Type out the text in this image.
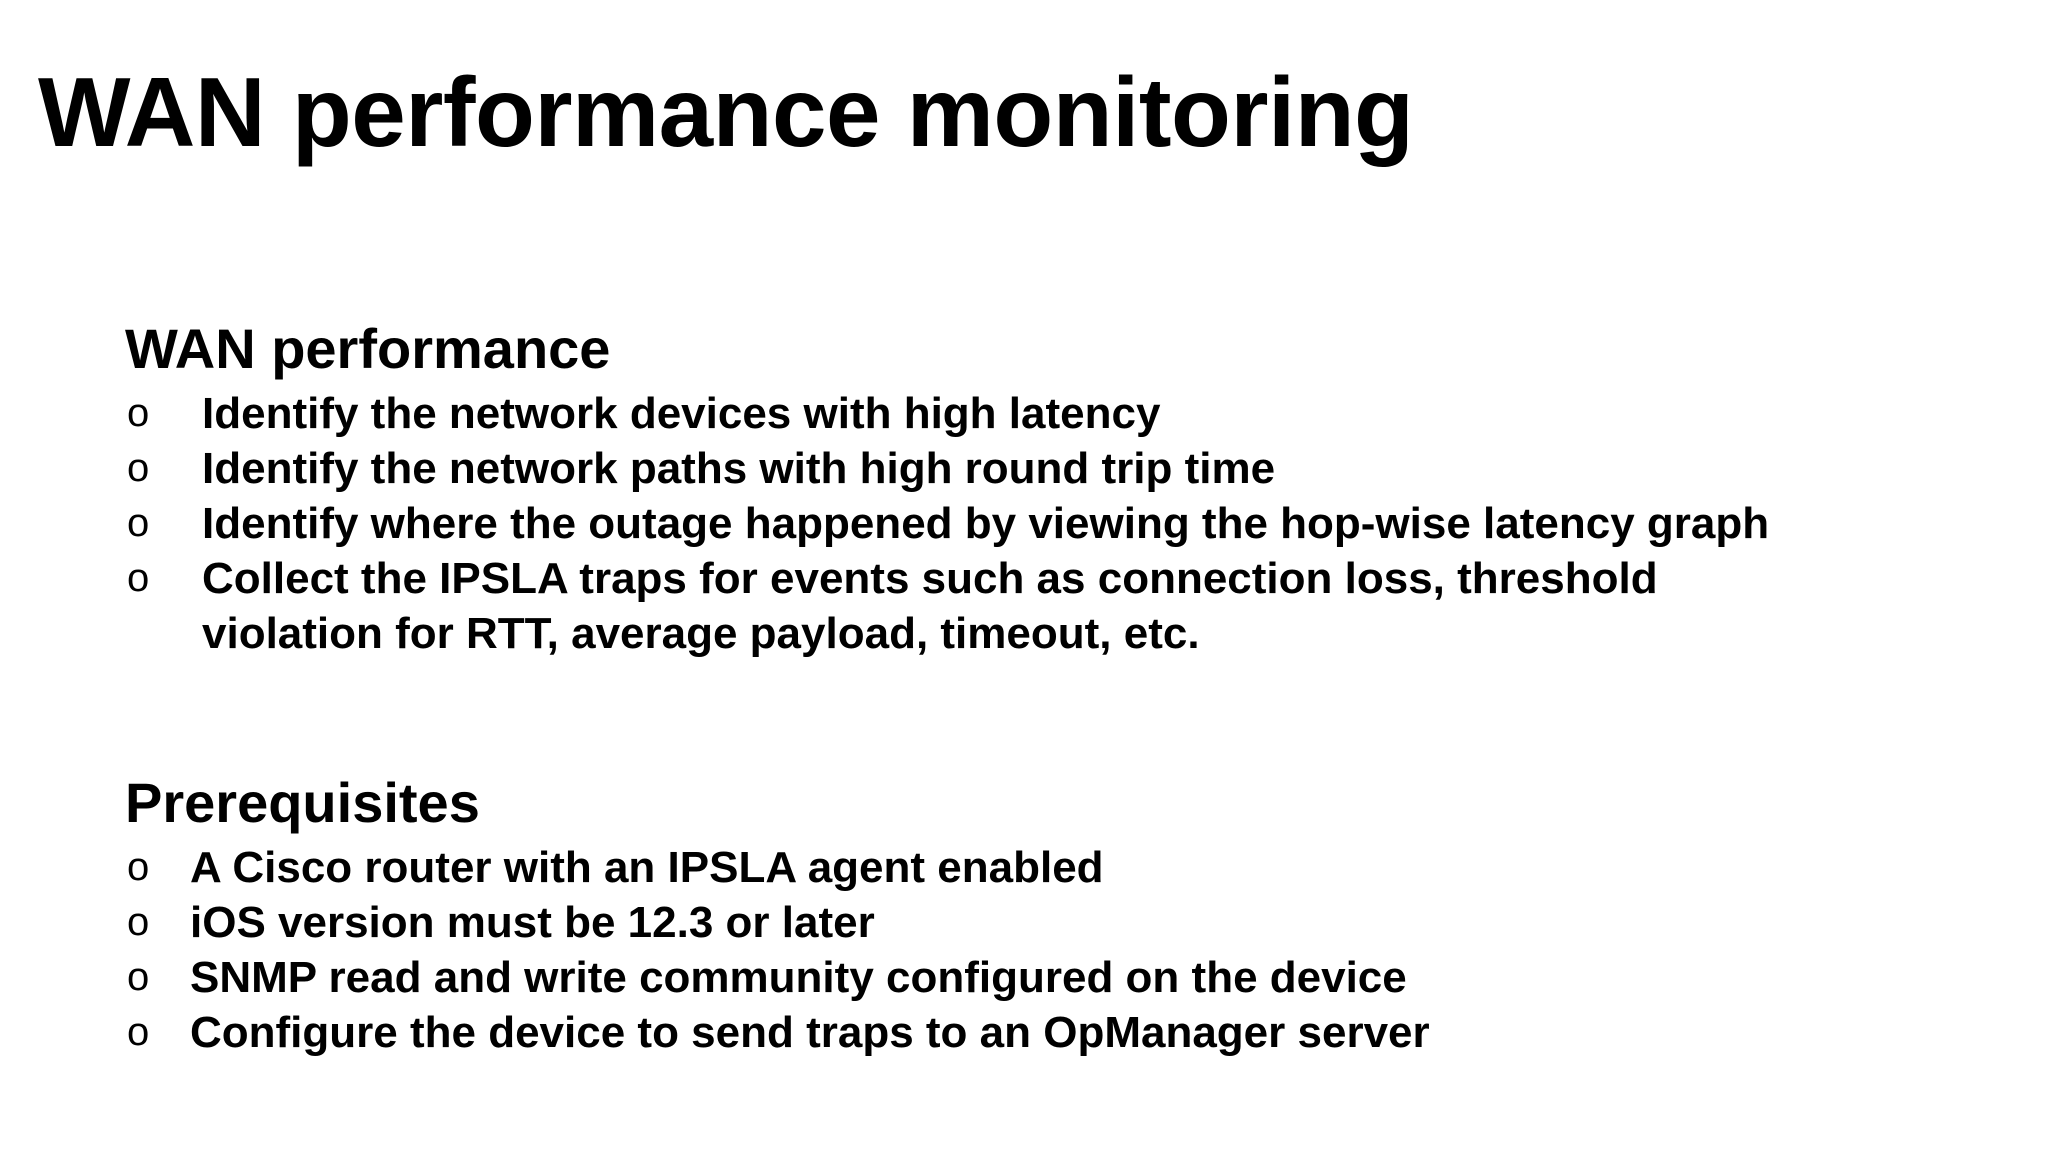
WAN performance monitoring
WAN performance
o Identify the network devices with high latency
o Identify the network paths with high round trip time
o Identify where the outage happened by viewing the hop-wise latency graph
o Collect the IPSLA traps for events such as connection loss, threshold violation for RTT, average payload, timeout, etc.
Prerequisites
o A Cisco router with an IPSLA agent enabled
o iOS version must be 12.3 or later
o SNMP read and write community configured on the device
o Configure the device to send traps to an OpManager server
